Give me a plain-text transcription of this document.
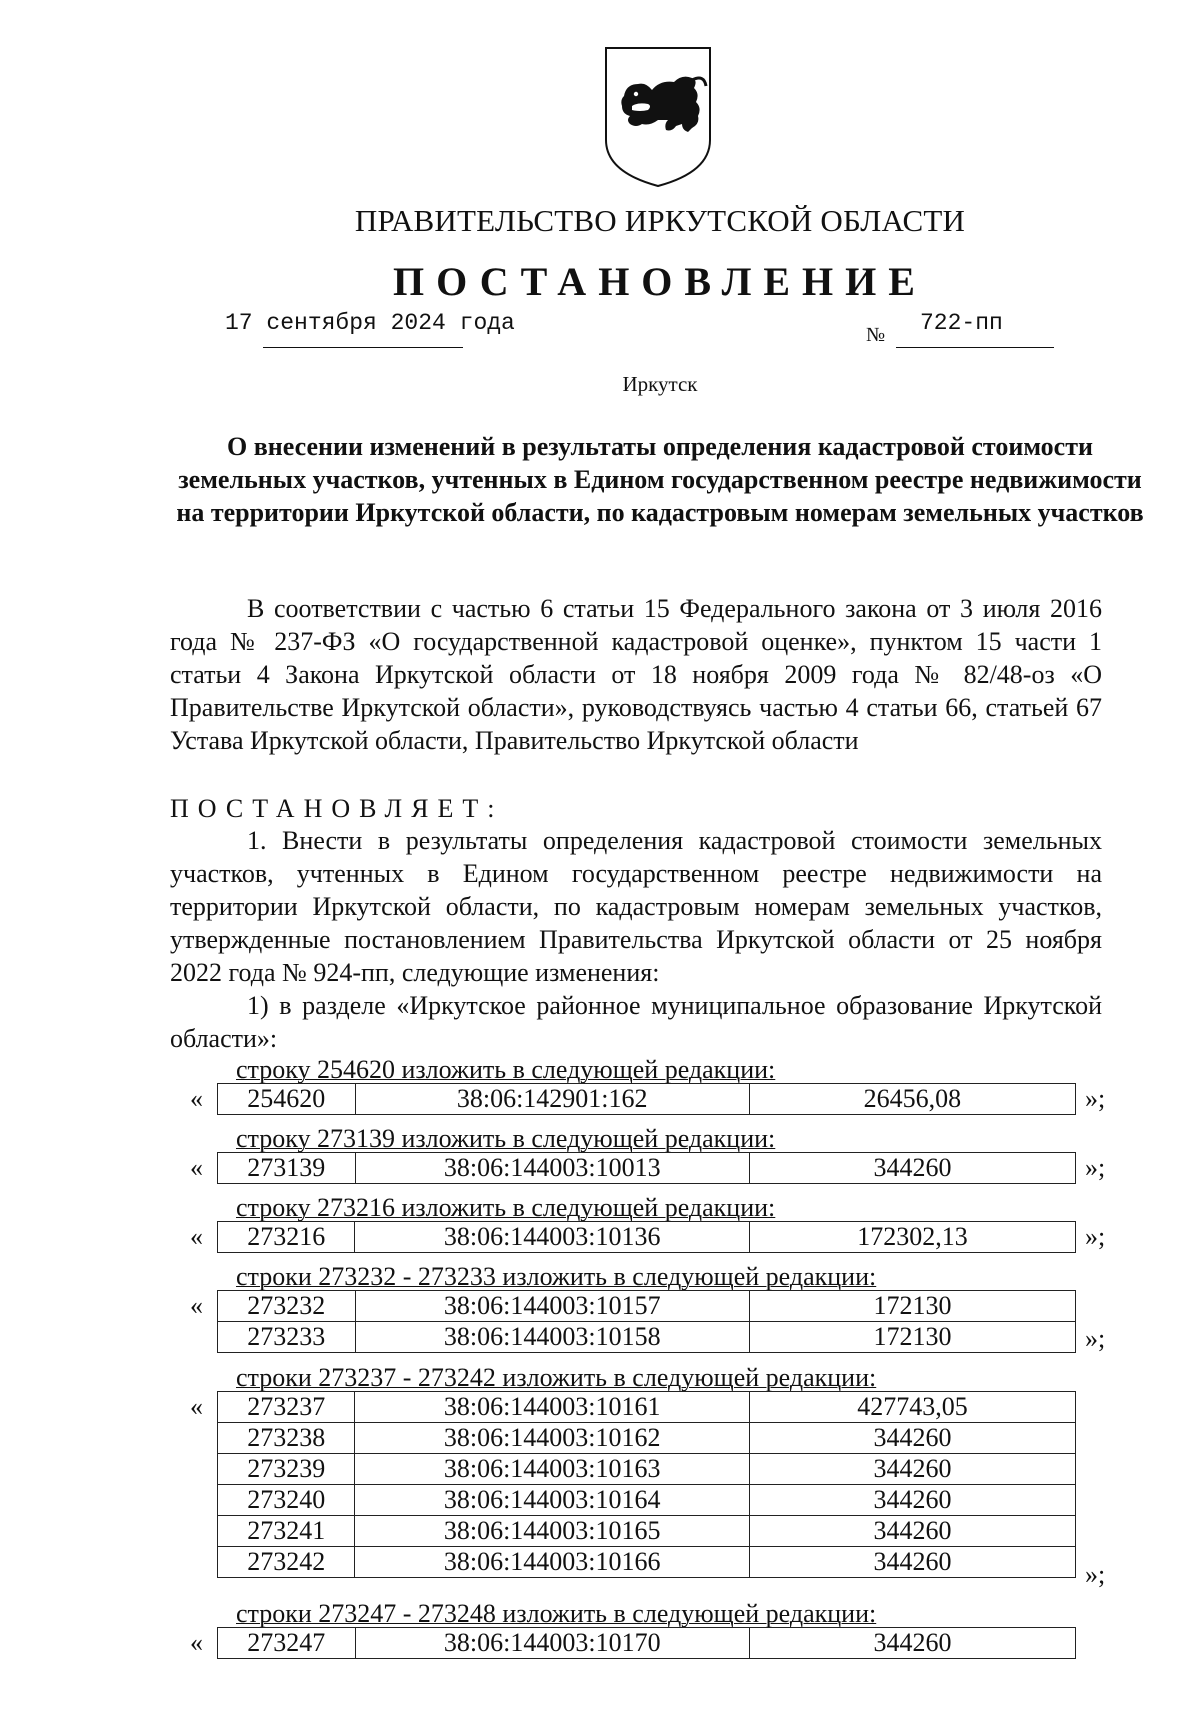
ПРАВИТЕЛЬСТВО ИРКУТСКОЙ ОБЛАСТИ
ПОСТАНОВЛЕНИЕ
17 сентября 2024 года	№ 722-пп
Иркутск
О внесении изменений в результаты определения кадастровой стоимости земельных участков, учтенных в Едином государственном реестре недвижимости на территории Иркутской области, по кадастровым номерам земельных участков

В соответствии с частью 6 статьи 15 Федерального закона от 3 июля 2016 года № 237-ФЗ «О государственной кадастровой оценке», пунктом 15 части 1 статьи 4 Закона Иркутской области от 18 ноября 2009 года № 82/48-оз «О Правительстве Иркутской области», руководствуясь частью 4 статьи 66, статьей 67 Устава Иркутской области, Правительство Иркутской области

ПОСТАНОВЛЯЕТ:

1. Внести в результаты определения кадастровой стоимости земельных участков, учтенных в Едином государственном реестре недвижимости на территории Иркутской области, по кадастровым номерам земельных участков, утвержденные постановлением Правительства Иркутской области от 25 ноября 2022 года № 924-пп, следующие изменения:

1) в разделе «Иркутское районное муниципальное образование Иркутской области»:

строку 254620 изложить в следующей редакции:
« 254620	38:06:142901:162	26456,08	»;
строку 273139 изложить в следующей редакции:
« 273139	38:06:144003:10013	344260	»;
строку 273216 изложить в следующей редакции:
« 273216	38:06:144003:10136	172302,13	»;
строки 273232 - 273233 изложить в следующей редакции:
« 273232	38:06:144003:10157	172130
273233	38:06:144003:10158	172130	»;
строки 273237 - 273242 изложить в следующей редакции:
« 273237	38:06:144003:10161	427743,05
273238	38:06:144003:10162	344260
273239	38:06:144003:10163	344260
273240	38:06:144003:10164	344260
273241	38:06:144003:10165	344260
273242	38:06:144003:10166	344260	»;
строки 273247 - 273248 изложить в следующей редакции:
« 273247	38:06:144003:10170	344260
